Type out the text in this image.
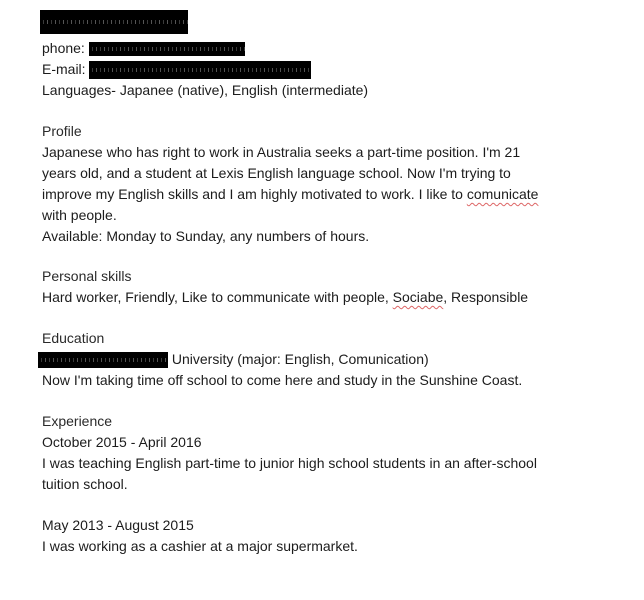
phone:
E-mail:
Languages- Japanee (native), English (intermediate)
Profile
Japanese who has right to work in Australia seeks a part-time position. I'm 21
years old, and a student at Lexis English language school. Now I'm trying to
improve my English skills and I am highly motivated to work. I like to comunicate
with people.
Available: Monday to Sunday, any numbers of hours.
Personal skills
Hard worker, Friendly, Like to communicate with people, Sociabe, Responsible
Education
University (major: English, Comunication)
Now I'm taking time off school to come here and study in the Sunshine Coast.
Experience
October 2015 - April 2016
I was teaching English part-time to junior high school students in an after-school
tuition school.
May 2013 - August 2015
I was working as a cashier at a major supermarket.
